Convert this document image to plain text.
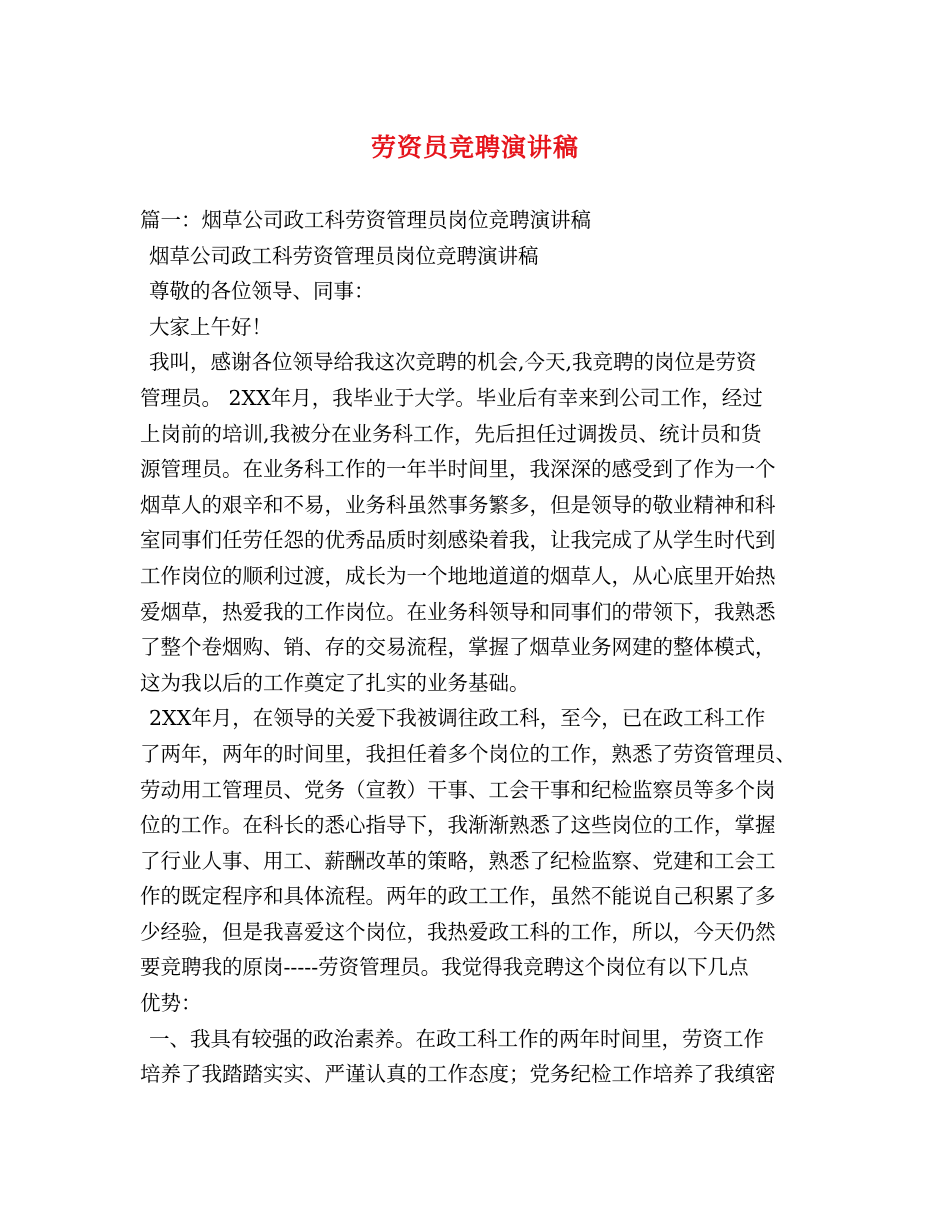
劳资员竞聘演讲稿
篇一：烟草公司政工科劳资管理员岗位竞聘演讲稿
烟草公司政工科劳资管理员岗位竞聘演讲稿
尊敬的各位领导、同事：
大家上午好！
我叫，感谢各位领导给我这次竞聘的机会,今天,我竞聘的岗位是劳资
管理员。 2XX年月，我毕业于大学。毕业后有幸来到公司工作，经过
上岗前的培训,我被分在业务科工作，先后担任过调拨员、统计员和货
源管理员。在业务科工作的一年半时间里，我深深的感受到了作为一个
烟草人的艰辛和不易，业务科虽然事务繁多，但是领导的敬业精神和科
室同事们任劳任怨的优秀品质时刻感染着我，让我完成了从学生时代到
工作岗位的顺利过渡，成长为一个地地道道的烟草人，从心底里开始热
爱烟草，热爱我的工作岗位。在业务科领导和同事们的带领下，我熟悉
了整个卷烟购、销、存的交易流程，掌握了烟草业务网建的整体模式，
这为我以后的工作奠定了扎实的业务基础。
2XX年月，在领导的关爱下我被调往政工科，至今，已在政工科工作
了两年，两年的时间里，我担任着多个岗位的工作，熟悉了劳资管理员、
劳动用工管理员、党务（宣教）干事、工会干事和纪检监察员等多个岗
位的工作。在科长的悉心指导下，我渐渐熟悉了这些岗位的工作，掌握
了行业人事、用工、薪酬改革的策略，熟悉了纪检监察、党建和工会工
作的既定程序和具体流程。两年的政工工作，虽然不能说自己积累了多
少经验，但是我喜爱这个岗位，我热爱政工科的工作，所以，今天仍然
要竞聘我的原岗-----劳资管理员。我觉得我竞聘这个岗位有以下几点
优势：
一、我具有较强的政治素养。在政工科工作的两年时间里，劳资工作
培养了我踏踏实实、严谨认真的工作态度；党务纪检工作培养了我缜密
